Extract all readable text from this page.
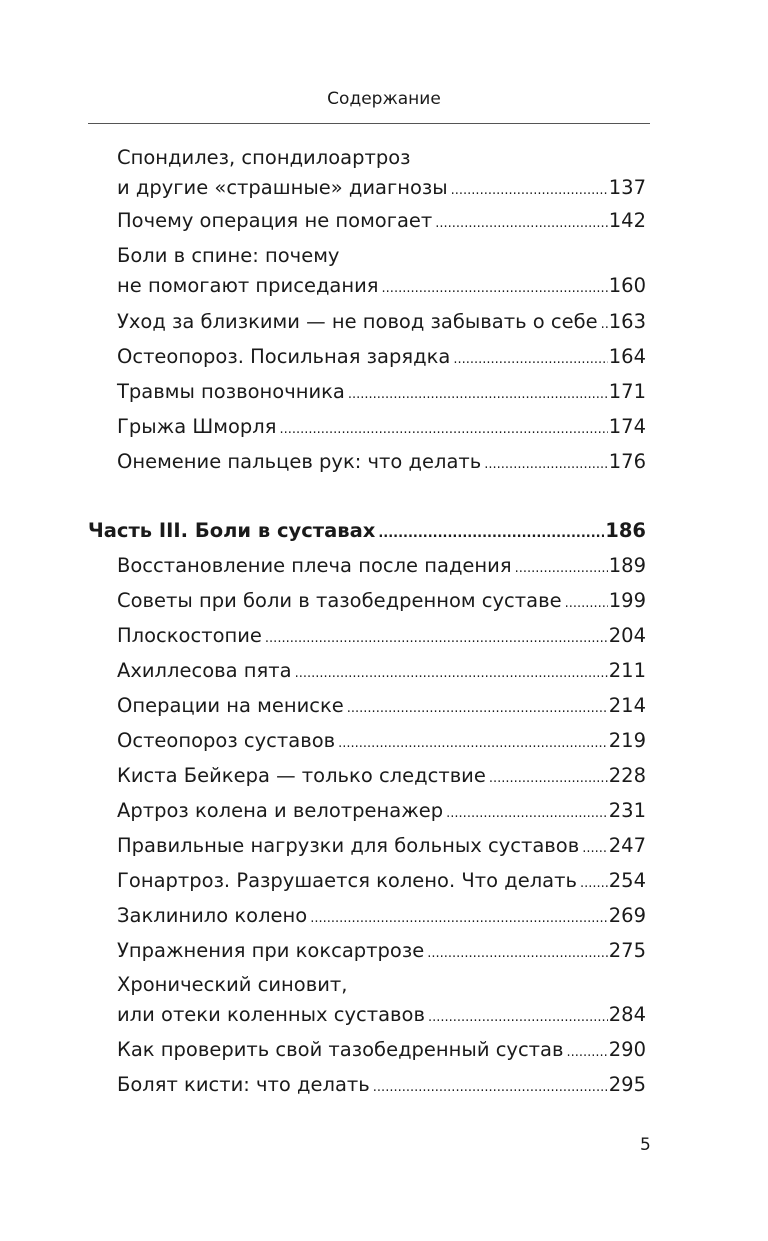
Содержание
Спондилез, спондилоартроз
и другие «страшные» диагнозы .....	137
Почему операция не помогает .....	142
Боли в спине: почему
не помогают приседания .....	160
Уход за близкими — не повод забывать о себе ..... 163
Остеопороз. Посильная зарядка .....	164
Травмы позвоночника .....	171
Грыжа Шморля .....	174
Онемение пальцев рук: что делать .....	176
Часть III. Боли в суставах .....	186
Восстановление плеча после падения .....	189
Советы при боли в тазобедренном суставе ..... 199
Плоскостопие .....	204
Ахиллесова пята .....	211
Операции на мениске .....	214
Остеопороз суставов .....	219
Киста Бейкера — только следствие .....	228
Артроз колена и велотренажер .....	231
Правильные нагрузки для больных суставов ..... 247
Гонартроз. Разрушается колено. Что делать ..... 254
Заклинило колено .....	269
Упражнения при коксартрозе .....	275
Хронический синовит,
или отеки коленных суставов .....	284
Как проверить свой тазобедренный сустав ..... 290
Болят кисти: что делать .....	295
5
